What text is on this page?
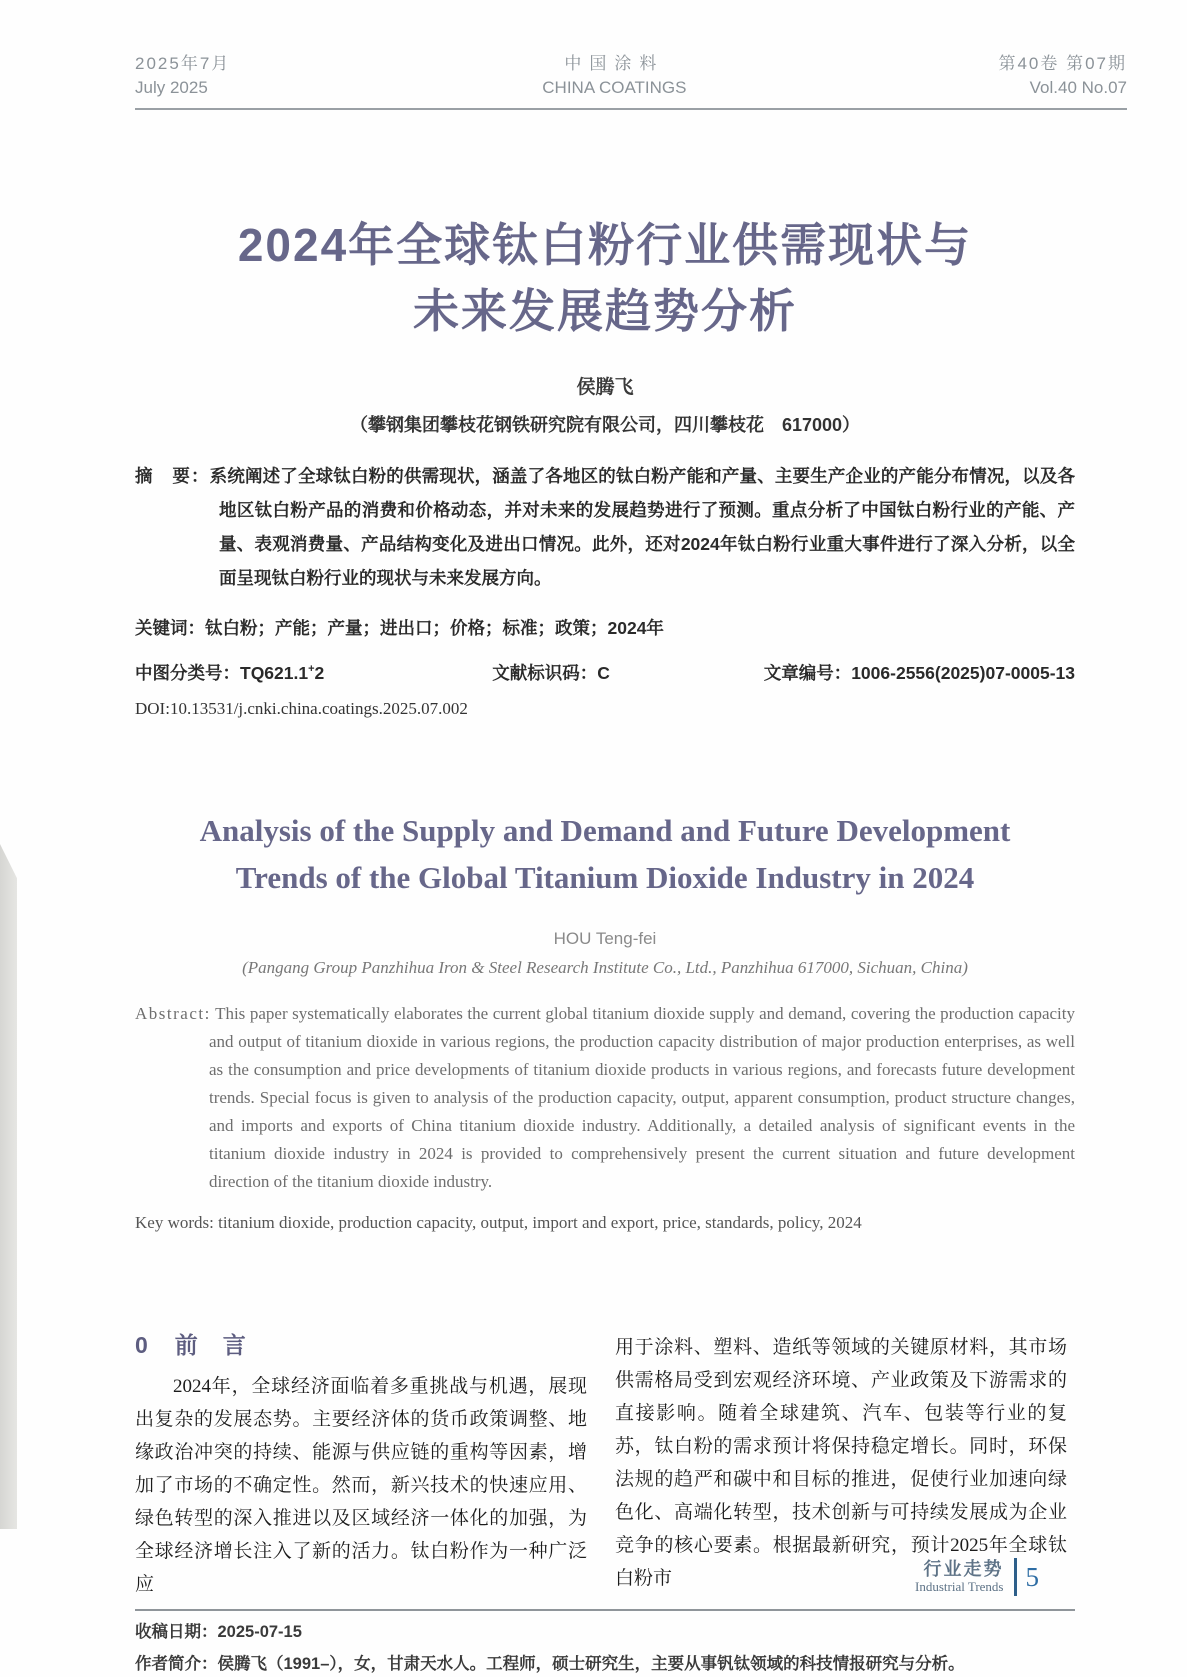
2025年7月
July 2025
中国涂料
CHINA COATINGS
第40卷 第07期
Vol.40 No.07
2024年全球钛白粉行业供需现状与
未来发展趋势分析
侯腾飞
（攀钢集团攀枝花钢铁研究院有限公司，四川攀枝花　617000）

摘　要：系统阐述了全球钛白粉的供需现状，涵盖了各地区的钛白粉产能和产量、主要生产企业的产能分布情况，以及各地区钛白粉产品的消费和价格动态，并对未来的发展趋势进行了预测。重点分析了中国钛白粉行业的产能、产量、表观消费量、产品结构变化及进出口情况。此外，还对2024年钛白粉行业重大事件进行了深入分析，以全面呈现钛白粉行业的现状与未来发展方向。

关键词：钛白粉；产能；产量；进出口；价格；标准；政策；2024年

中图分类号：TQ621.1+2	文献标识码：C	文章编号：1006-2556(2025)07-0005-13
DOI:10.13531/j.cnki.china.coatings.2025.07.002
Analysis of the Supply and Demand and Future Development
Trends of the Global Titanium Dioxide Industry in 2024
HOU Teng-fei
(Pangang Group Panzhihua Iron & Steel Research Institute Co., Ltd., Panzhihua 617000, Sichuan, China)

Abstract: This paper systematically elaborates the current global titanium dioxide supply and demand, covering the production capacity and output of titanium dioxide in various regions, the production capacity distribution of major production enterprises, as well as the consumption and price developments of titanium dioxide products in various regions, and forecasts future development trends. Special focus is given to analysis of the production capacity, output, apparent consumption, product structure changes, and imports and exports of China titanium dioxide industry. Additionally, a detailed analysis of significant events in the titanium dioxide industry in 2024 is provided to comprehensively present the current situation and future development direction of the titanium dioxide industry.

Key words: titanium dioxide, production capacity, output, import and export, price, standards, policy, 2024

0 前　言

2024年，全球经济面临着多重挑战与机遇，展现出复杂的发展态势。主要经济体的货币政策调整、地缘政治冲突的持续、能源与供应链的重构等因素，增加了市场的不确定性。然而，新兴技术的快速应用、绿色转型的深入推进以及区域经济一体化的加强，为全球经济增长注入了新的活力。钛白粉作为一种广泛应

用于涂料、塑料、造纸等领域的关键原材料，其市场供需格局受到宏观经济环境、产业政策及下游需求的直接影响。随着全球建筑、汽车、包装等行业的复苏，钛白粉的需求预计将保持稳定增长。同时，环保法规的趋严和碳中和目标的推进，促使行业加速向绿色化、高端化转型，技术创新与可持续发展成为企业竞争的核心要素。根据最新研究，预计2025年全球钛白粉市

收稿日期：2025-07-15

作者简介：侯腾飞（1991–），女，甘肃天水人。工程师，硕士研究生，主要从事钒钛领域的科技情报研究与分析。

行业走势
Industrial Trends 5
